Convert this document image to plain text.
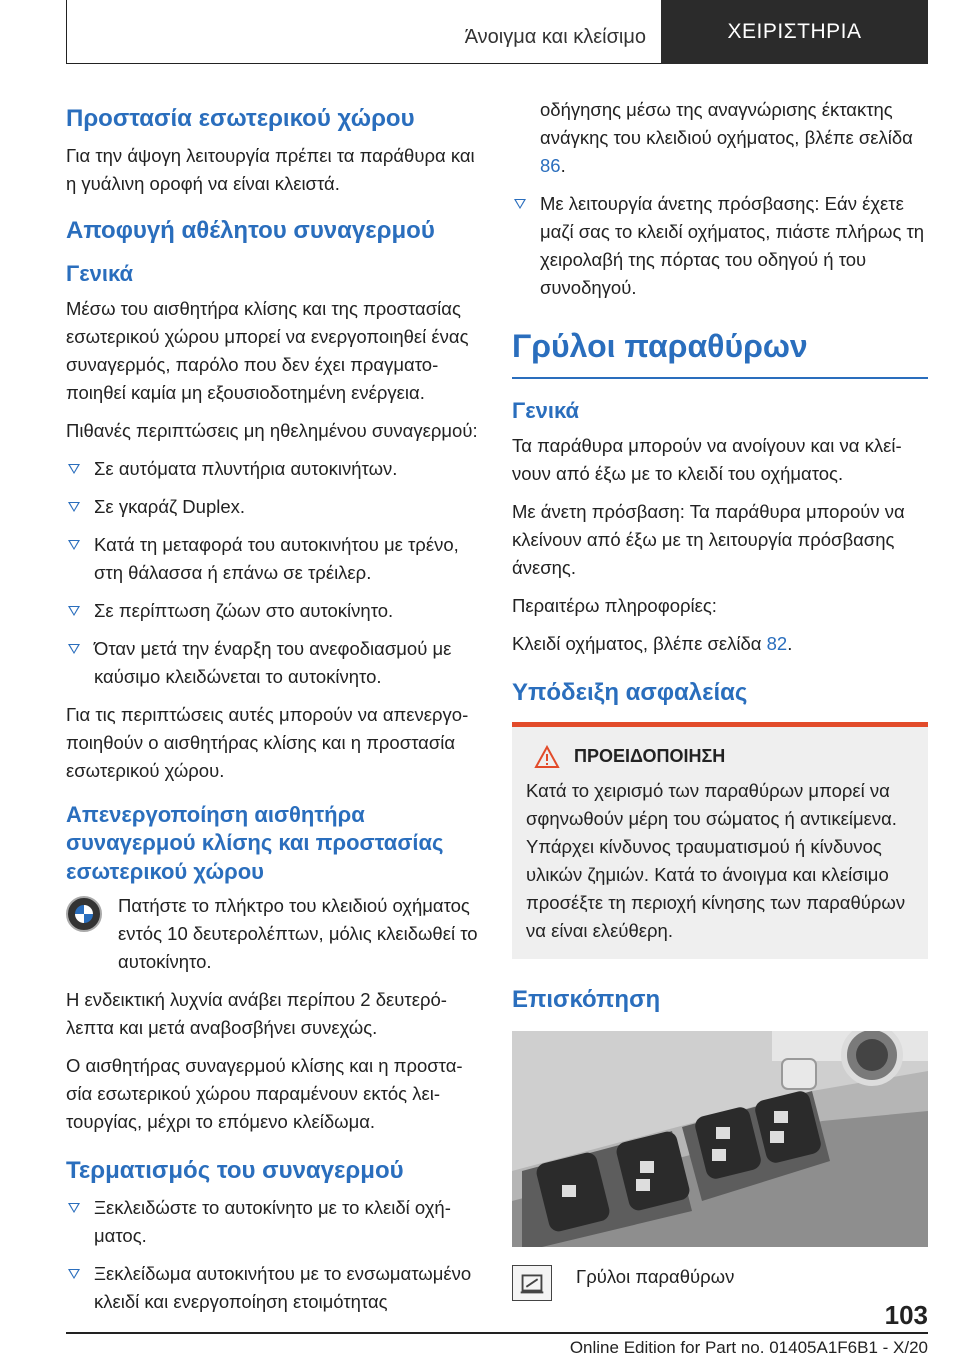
Άνοιγμα και κλείσιμο	ΧΕΙΡΙΣΤΗΡΙΑ
Προστασία εσωτερικού χώρου

Για την άψογη λειτουργία πρέπει τα παράθυρα και η γυάλινη οροφή να είναι κλειστά.

Αποφυγή αθέλητου συναγερμού
Γενικά

Μέσω του αισθητήρα κλίσης και της προστασίας εσωτερικού χώρου μπορεί να ενεργοποιηθεί ένας συναγερμός, παρόλο που δεν έχει πραγματοποιηθεί καμία μη εξουσιοδοτημένη ενέργεια.

Πιθανές περιπτώσεις μη ηθελημένου συναγερμού:

Σε αυτόματα πλυντήρια αυτοκινήτων.
Σε γκαράζ Duplex.
Κατά τη μεταφορά του αυτοκινήτου με τρένο, στη θάλασσα ή επάνω σε τρέιλερ.
Σε περίπτωση ζώων στο αυτοκίνητο.
Όταν μετά την έναρξη του ανεφοδιασμού με καύσιμο κλειδώνεται το αυτοκίνητο.

Για τις περιπτώσεις αυτές μπορούν να απενεργοποιηθούν ο αισθητήρας κλίσης και η προστασία εσωτερικού χώρου.

Απενεργοποίηση αισθητήρα συναγερμού κλίσης και προστασίας εσωτερικού χώρου

Πατήστε το πλήκτρο του κλειδιού οχήματος εντός 10 δευτερολέπτων, μόλις κλειδωθεί το αυτοκίνητο.

Η ενδεικτική λυχνία ανάβει περίπου 2 δευτερόλεπτα και μετά αναβοσβήνει συνεχώς.

Ο αισθητήρας συναγερμού κλίσης και η προστασία εσωτερικού χώρου παραμένουν εκτός λειτουργίας, μέχρι το επόμενο κλείδωμα.

Τερματισμός του συναγερμού
Ξεκλειδώστε το αυτοκίνητο με το κλειδί οχήματος.
Ξεκλείδωμα αυτοκινήτου με το ενσωματωμένο κλειδί και ενεργοποίηση ετοιμότητας

οδήγησης μέσω της αναγνώρισης έκτακτης ανάγκης του κλειδιού οχήματος, βλέπε σελίδα 86.

Με λειτουργία άνετης πρόσβασης: Εάν έχετε μαζί σας το κλειδί οχήματος, πιάστε πλήρως τη χειρολαβή της πόρτας του οδηγού ή του συνοδηγού.
Γρύλοι παραθύρων
Γενικά

Τα παράθυρα μπορούν να ανοίγουν και να κλείνουν από έξω με το κλειδί του οχήματος.

Με άνετη πρόσβαση: Τα παράθυρα μπορούν να κλείνουν από έξω με τη λειτουργία πρόσβασης άνεσης.

Περαιτέρω πληροφορίες:

Κλειδί οχήματος, βλέπε σελίδα 82.

Υπόδειξη ασφαλείας
ΠΡΟΕΙΔΟΠΟΙΗΣΗ

Κατά το χειρισμό των παραθύρων μπορεί να σφηνωθούν μέρη του σώματος ή αντικείμενα. Υπάρχει κίνδυνος τραυματισμού ή κίνδυνος υλικών ζημιών. Κατά το άνοιγμα και κλείσιμο προσέξτε τη περιοχή κίνησης των παραθύρων να είναι ελεύθερη.

Επισκόπηση
Γρύλοι παραθύρων
103
Online Edition for Part no. 01405A1F6B1 - X/20
